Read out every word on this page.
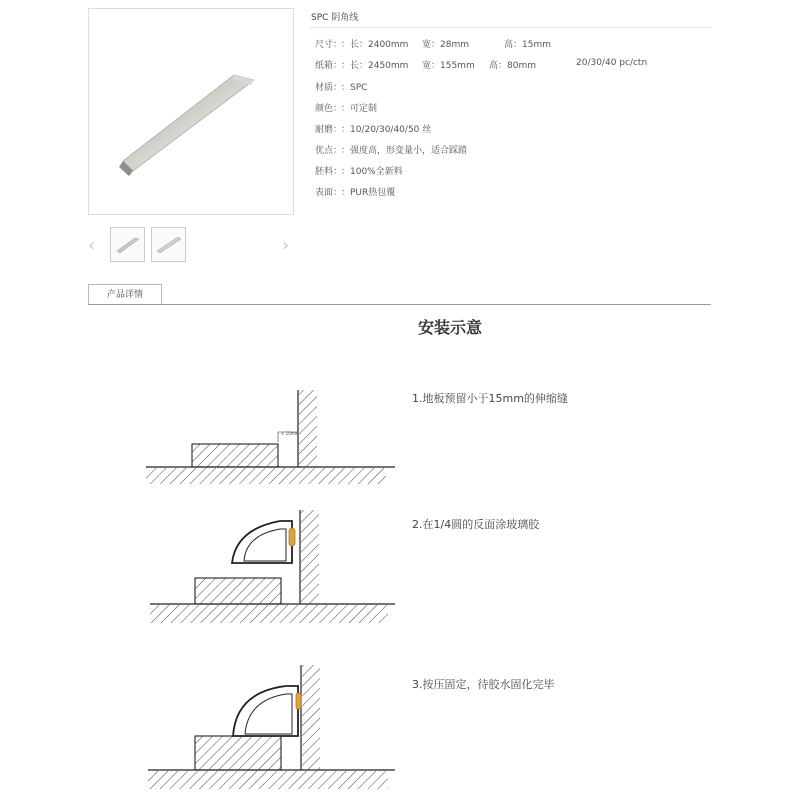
‹	›
SPC 阴角线
尺寸：
：长：2400mm 宽：28mm	高：15mm
纸箱：
：长：2450mm 宽：155mm 高：80mm	20/30/40 pc/ctn
材质：
：SPC
颜色：
：可定制
耐磨：
：10/20/30/40/50 丝
优点：
：强度高，形变量小，适合踩踏
胚料：
：100%全新料
表面：
：PUR热包覆
产品详情
安装示意
1.地板预留小于15mm的伸缩缝
2.在1/4圆的反面涂玻璃胶
3.按压固定，待胶水固化完毕
< 15mm
